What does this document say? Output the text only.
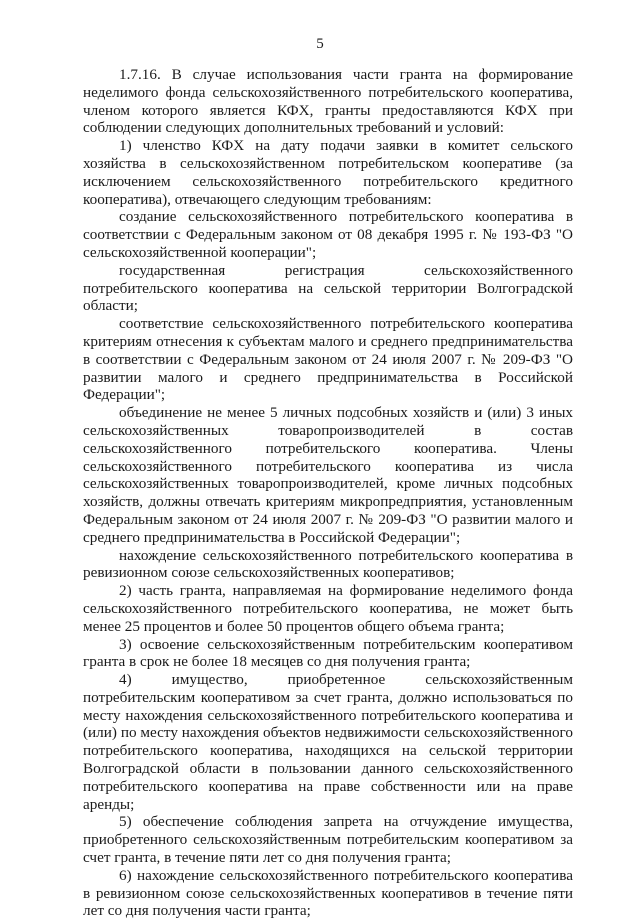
5

1.7.16. В случае использования части гранта на формирование неделимого фонда сельскохозяйственного потребительского кооператива, членом которого является КФХ, гранты предоставляются КФХ при соблюдении следующих дополнительных требований и условий:

1) членство КФХ на дату подачи заявки в комитет сельского хозяйства в сельскохозяйственном потребительском кооперативе (за исключением сельскохозяйственного потребительского кредитного кооператива), отвечающего следующим требованиям:

создание сельскохозяйственного потребительского кооператива в соответствии с Федеральным законом от 08 декабря 1995 г. № 193-ФЗ "О сельскохозяйственной кооперации";

государственная регистрация сельскохозяйственного потребительского кооператива на сельской территории Волгоградской области;

соответствие сельскохозяйственного потребительского кооператива критериям отнесения к субъектам малого и среднего предпринимательства в соответствии с Федеральным законом от 24 июля 2007 г. № 209-ФЗ "О развитии малого и среднего предпринимательства в Российской Федерации";

объединение не менее 5 личных подсобных хозяйств и (или) 3 иных сельскохозяйственных товаропроизводителей в состав сельскохозяйственного потребительского кооператива. Члены сельскохозяйственного потребительского кооператива из числа сельскохозяйственных товаропроизводителей, кроме личных подсобных хозяйств, должны отвечать критериям микропредприятия, установленным Федеральным законом от 24 июля 2007 г. № 209-ФЗ "О развитии малого и среднего предпринимательства в Российской Федерации";

нахождение сельскохозяйственного потребительского кооператива в ревизионном союзе сельскохозяйственных кооперативов;

2) часть гранта, направляемая на формирование неделимого фонда сельскохозяйственного потребительского кооператива, не может быть менее 25 процентов и более 50 процентов общего объема гранта;

3) освоение сельскохозяйственным потребительским кооперативом гранта в срок не более 18 месяцев со дня получения гранта;

4) имущество, приобретенное сельскохозяйственным потребительским кооперативом за счет гранта, должно использоваться по месту нахождения сельскохозяйственного потребительского кооператива и (или) по месту нахождения объектов недвижимости сельскохозяйственного потребительского кооператива, находящихся на сельской территории Волгоградской области в пользовании данного сельскохозяйственного потребительского кооператива на праве собственности или на праве аренды;

5) обеспечение соблюдения запрета на отчуждение имущества, приобретенного сельскохозяйственным потребительским кооперативом за счет гранта, в течение пяти лет со дня получения гранта;

6) нахождение сельскохозяйственного потребительского кооператива в ревизионном союзе сельскохозяйственных кооперативов в течение пяти лет со дня получения части гранта;
